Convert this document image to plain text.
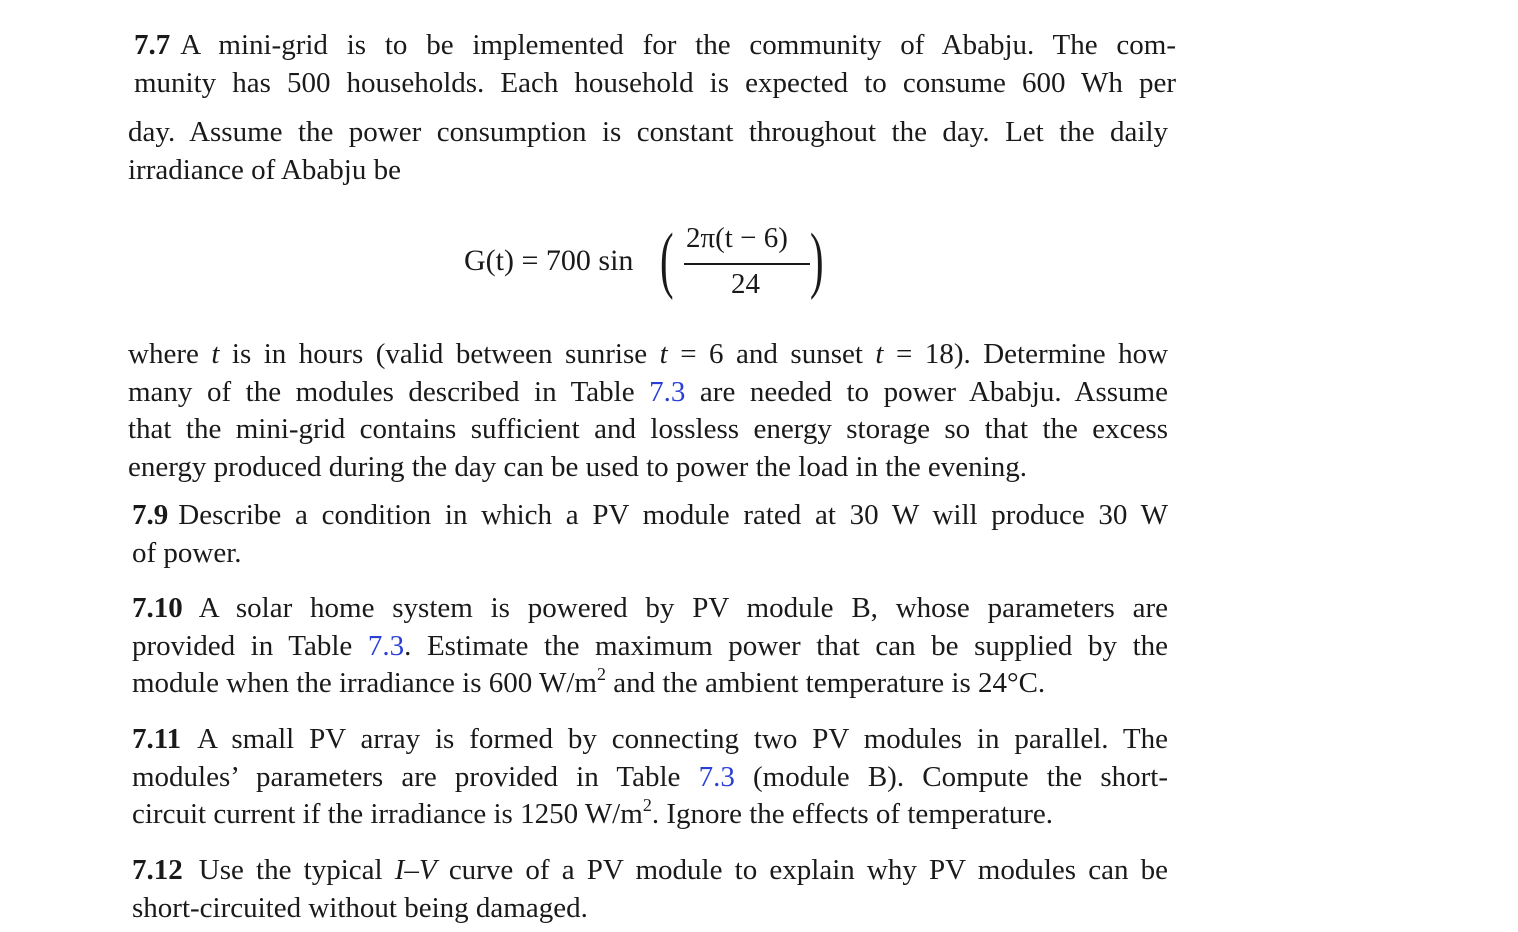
7.7 A mini-grid is to be implemented for the community of Ababju. The com-
munity has 500 households. Each household is expected to consume 600 Wh per
day. Assume the power consumption is constant throughout the day. Let the daily
irradiance of Ababju be
G(t) = 700 sin ( 2π(t − 6)
24 )
where t is in hours (valid between sunrise t = 6 and sunset t = 18). Determine how
many of the modules described in Table 7.3 are needed to power Ababju. Assume
that the mini-grid contains sufficient and lossless energy storage so that the excess
energy produced during the day can be used to power the load in the evening.
7.9 Describe a condition in which a PV module rated at 30 W will produce 30 W
of power.
7.10 A solar home system is powered by PV module B, whose parameters are
provided in Table 7.3. Estimate the maximum power that can be supplied by the
module when the irradiance is 600 $W/m^2$ and the ambient temperature is 24°C.
7.11 A small PV array is formed by connecting two PV modules in parallel. The
modules’ parameters are provided in Table 7.3 (module B). Compute the short-
circuit current if the irradiance is 1250 $W/m^2$. Ignore the effects of temperature.
7.12 Use the typical I–V curve of a PV module to explain why PV modules can be
short-circuited without being damaged.
